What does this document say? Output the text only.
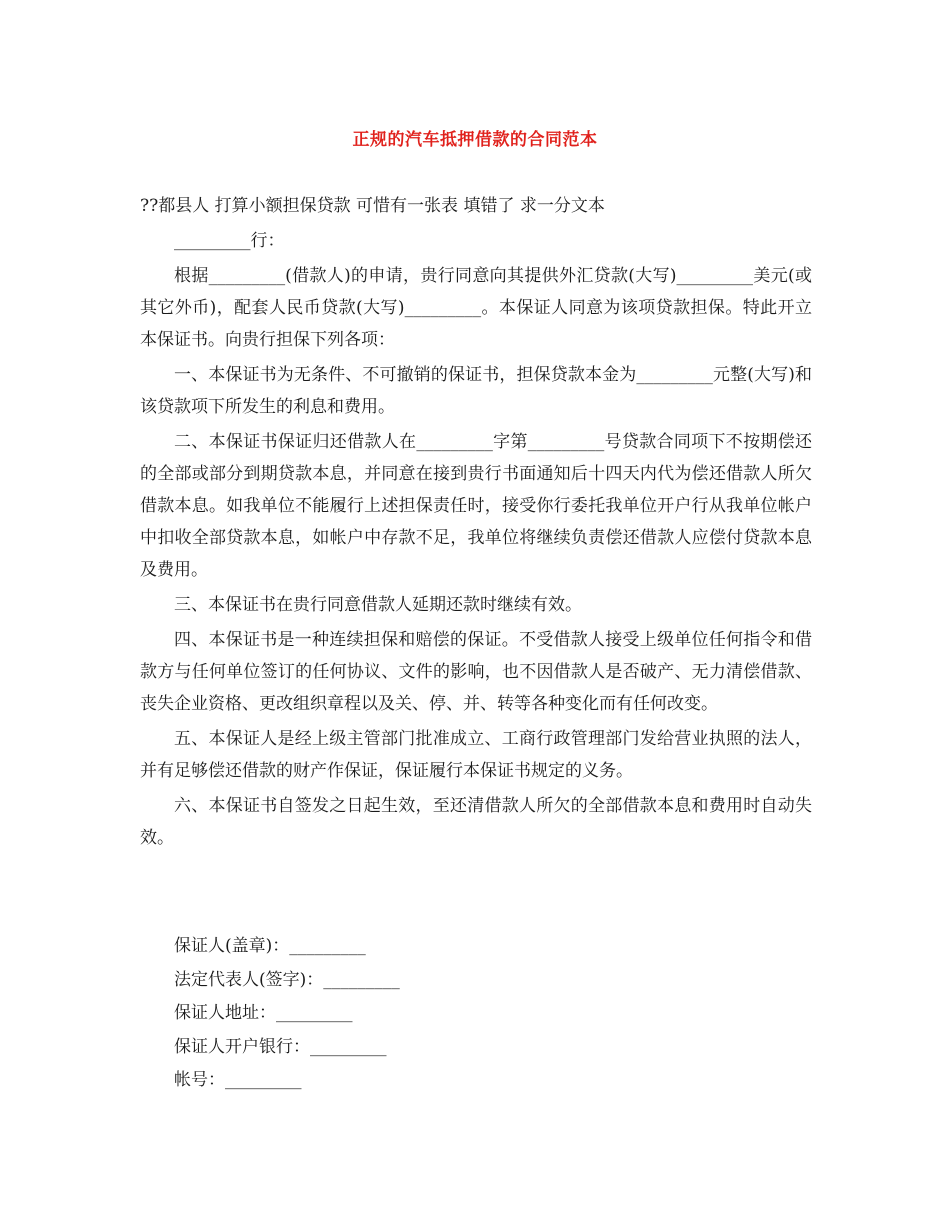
正规的汽车抵押借款的合同范本

??都县人 打算小额担保贷款 可惜有一张表 填错了 求一分文本

_________行：

根据_________(借款人)的申请，贵行同意向其提供外汇贷款(大写)_________美元(或其它外币)，配套人民币贷款(大写)_________。本保证人同意为该项贷款担保。特此开立本保证书。向贵行担保下列各项：

一、本保证书为无条件、不可撤销的保证书，担保贷款本金为_________元整(大写)和该贷款项下所发生的利息和费用。

二、本保证书保证归还借款人在_________字第_________号贷款合同项下不按期偿还的全部或部分到期贷款本息，并同意在接到贵行书面通知后十四天内代为偿还借款人所欠借款本息。如我单位不能履行上述担保责任时，接受你行委托我单位开户行从我单位帐户中扣收全部贷款本息，如帐户中存款不足，我单位将继续负责偿还借款人应偿付贷款本息及费用。

三、本保证书在贵行同意借款人延期还款时继续有效。

四、本保证书是一种连续担保和赔偿的保证。不受借款人接受上级单位任何指令和借款方与任何单位签订的任何协议、文件的影响，也不因借款人是否破产、无力清偿借款、丧失企业资格、更改组织章程以及关、停、并、转等各种变化而有任何改变。

五、本保证人是经上级主管部门批准成立、工商行政管理部门发给营业执照的法人，并有足够偿还借款的财产作保证，保证履行本保证书规定的义务。

六、本保证书自签发之日起生效，至还清借款人所欠的全部借款本息和费用时自动失效。

保证人(盖章)：_________
法定代表人(签字)：_________
保证人地址：_________
保证人开户银行：_________
帐号：_________
